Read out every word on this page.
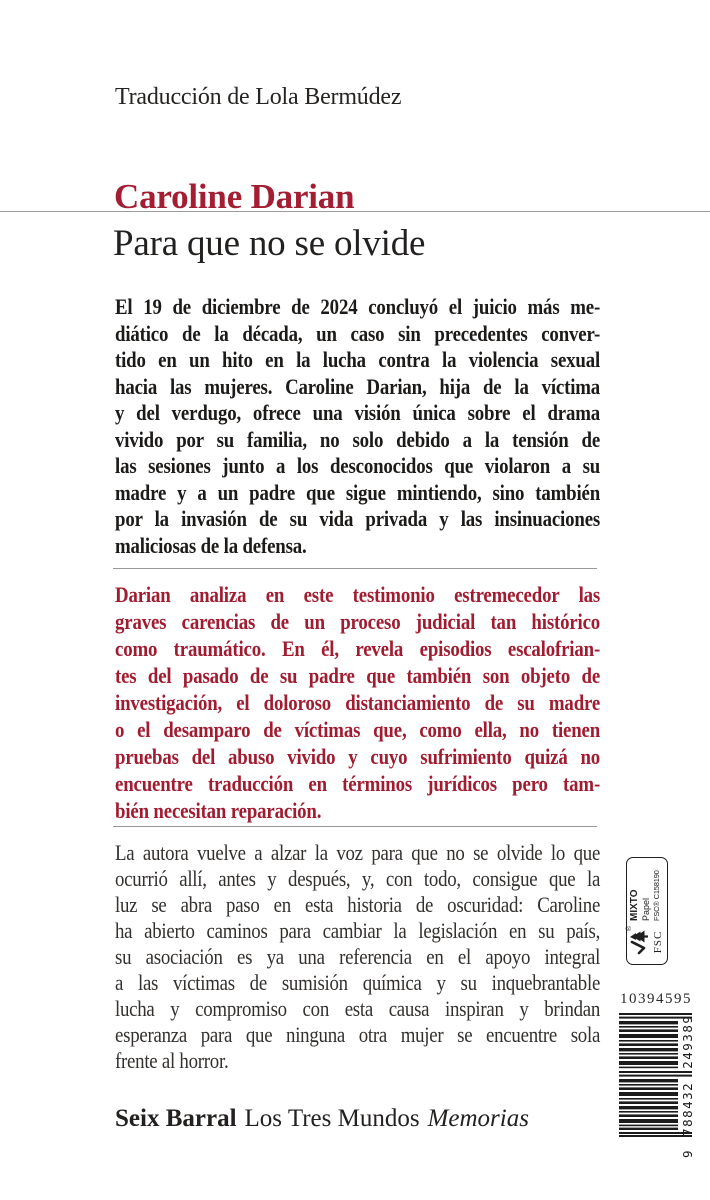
Traducción de Lola Bermúdez
Caroline Darian
Para que no se olvide
El 19 de diciembre de 2024 concluyó el juicio más me-
diático de la década, un caso sin precedentes conver-
tido en un hito en la lucha contra la violencia sexual
hacia las mujeres. Caroline Darian, hija de la víctima
y del verdugo, ofrece una visión única sobre el drama
vivido por su familia, no solo debido a la tensión de
las sesiones junto a los desconocidos que violaron a su
madre y a un padre que sigue mintiendo, sino también
por la invasión de su vida privada y las insinuaciones
maliciosas de la defensa.
Darian analiza en este testimonio estremecedor las
graves carencias de un proceso judicial tan histórico
como traumático. En él, revela episodios escalofrian-
tes del pasado de su padre que también son objeto de
investigación, el doloroso distanciamiento de su madre
o el desamparo de víctimas que, como ella, no tienen
pruebas del abuso vivido y cuyo sufrimiento quizá no
encuentre traducción en términos jurídicos pero tam-
bién necesitan reparación.
La autora vuelve a alzar la voz para que no se olvide lo que
ocurrió allí, antes y después, y, con todo, consigue que la
luz se abra paso en esta historia de oscuridad: Caroline
ha abierto caminos para cambiar la legislación en su país,
su asociación es ya una referencia en el apoyo integral
a las víctimas de sumisión química y su inquebrantable
lucha y compromiso con esta causa inspiran y brindan
esperanza para que ninguna otra mujer se encuentre sola
frente al horror.
Seix Barral Los Tres Mundos Memorias
®
FSC
MIXTO Papel FSC® C158190
10394595
9 788432 249389
